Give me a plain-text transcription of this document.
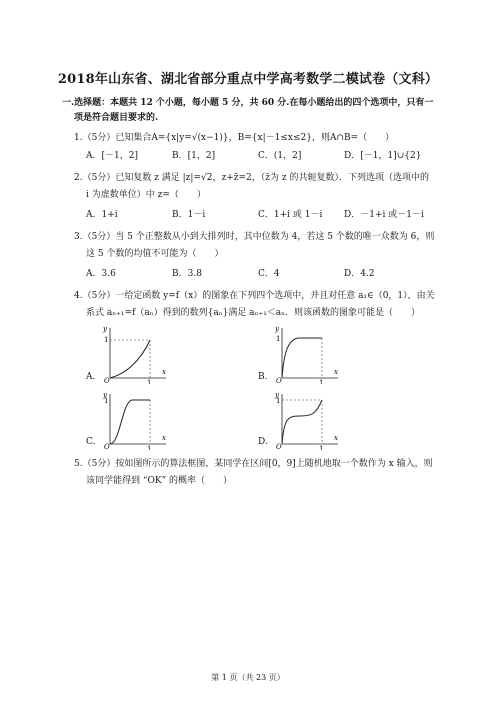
2018年山东省、湖北省部分重点中学高考数学二模试卷（文科）
一.选择题：本题共 12 个小题，每小题 5 分，共 60 分.在每小题给出的四个选项中，只有一
项是符合题目要求的.
1.（5分）已知集合A={x|y=√(x−1)}，B={x|－1≤x≤2}，则A∩B=（　　）
A．[－1，2]	B．[1，2]	C．(1，2]	D．[－1，1]∪{2}
2.（5分）已知复数 z 满足 |z|=√2，z+z̄=2，（z̄为 z 的共轭复数）．下列选项（选项中的
i 为虚数单位）中 z=（　　）
A．1+i	B．1－i	C．1+i 或 1－i D．－1+i 或－1－i
3.（5分）当 5 个正整数从小到大排列时，其中位数为 4，若这 5 个数的唯一众数为 6，则
这 5 个数的均值不可能为（　　）
A．3.6	B．3.8	C．4	D．4.2
4.（5分）一给定函数 y=f（x）的图象在下列四个选项中，并且对任意 a₁∈（0，1），由关
系式 aₙ₊₁=f（aₙ）得到的数列{aₙ}满足 aₙ₊₁＜aₙ．则该函数的图象可能是（　　）
A.
y
x
O
1
1
B.
y
x
O
1
1
C.
y
x
O
1
1
D.
y
x
O
1
1
5.（5分）按如图所示的算法框图，某同学在区间[0，9]上随机地取一个数作为 x 输入，则
该同学能得到 “OK” 的概率（　　）
第 1 页（共 23 页）
